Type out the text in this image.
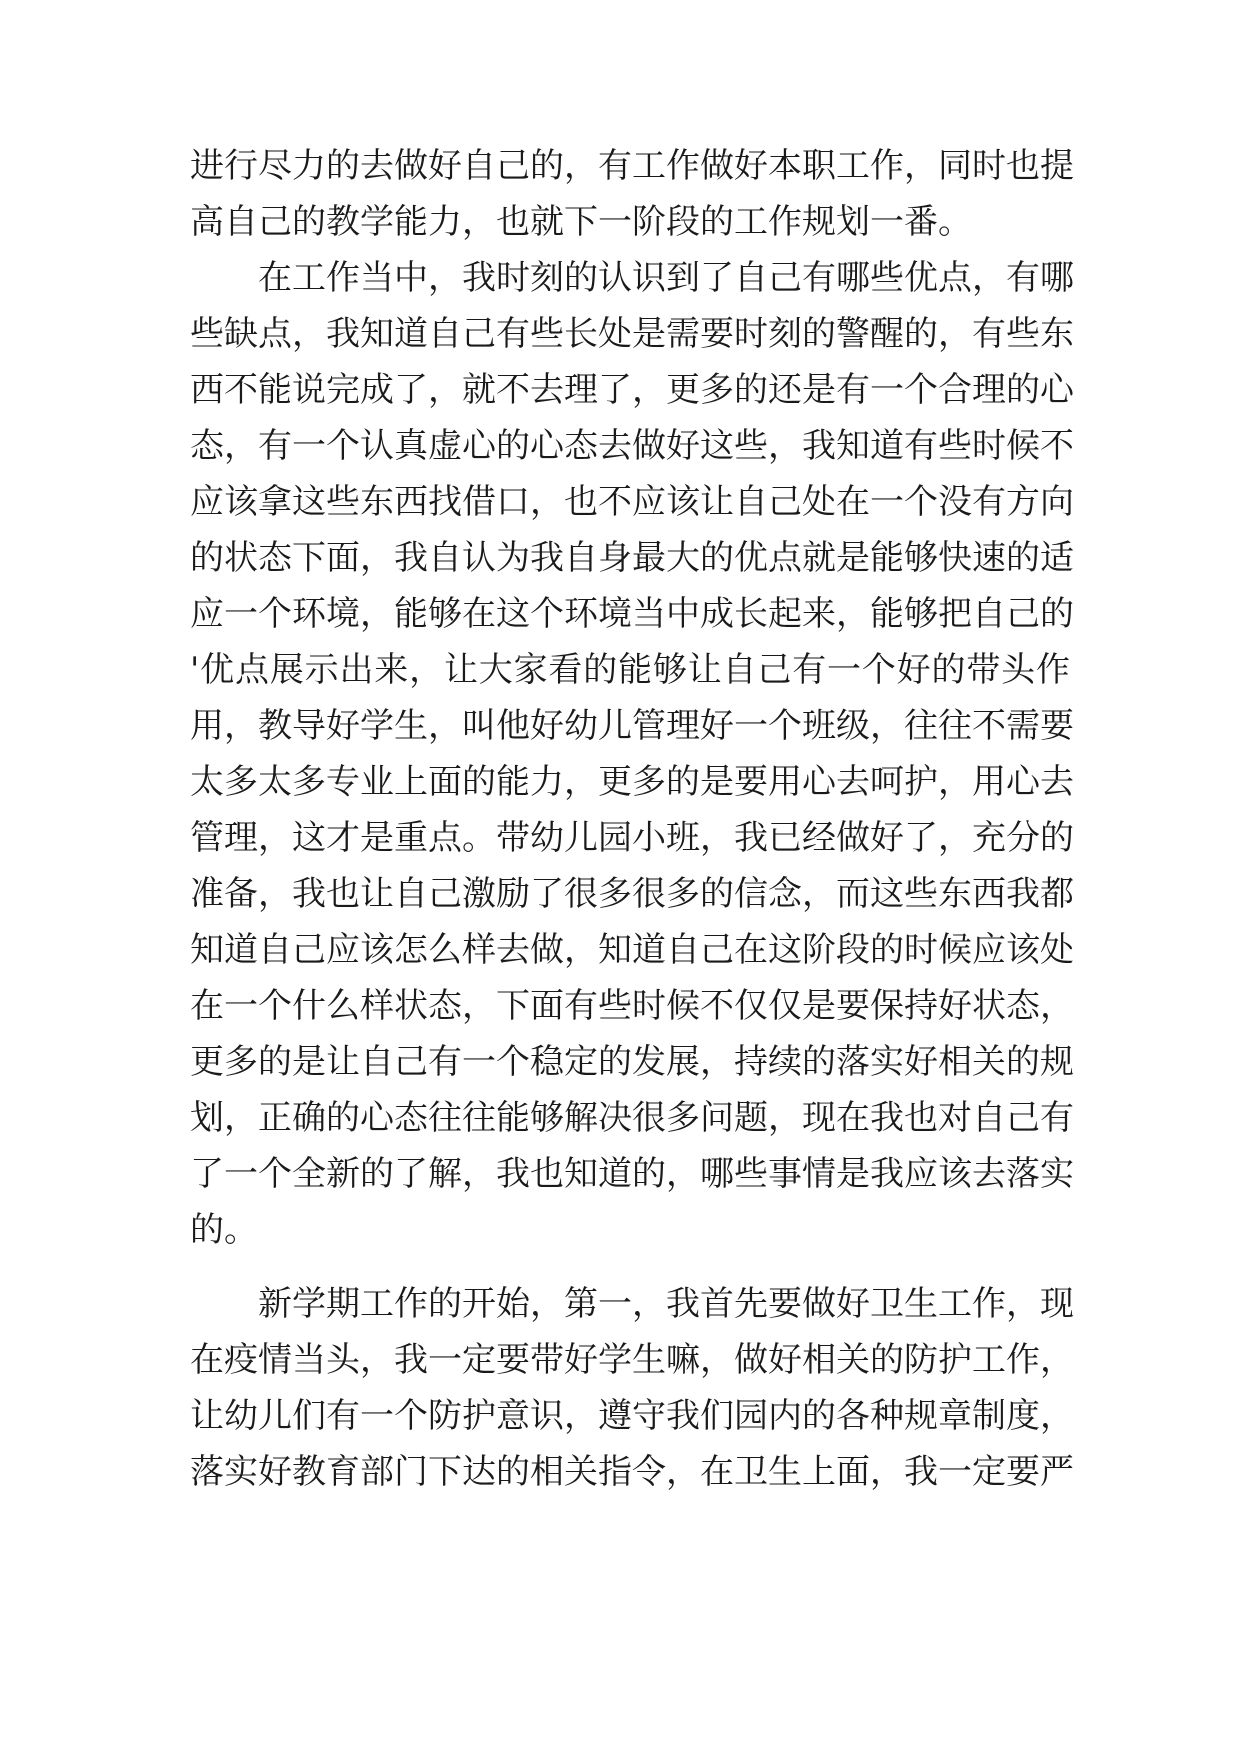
进行尽力的去做好自己的，有工作做好本职工作，同时也提
高自己的教学能力，也就下一阶段的工作规划一番。
在工作当中，我时刻的认识到了自己有哪些优点，有哪
些缺点，我知道自己有些长处是需要时刻的警醒的，有些东
西不能说完成了，就不去理了，更多的还是有一个合理的心
态，有一个认真虚心的心态去做好这些，我知道有些时候不
应该拿这些东西找借口，也不应该让自己处在一个没有方向
的状态下面，我自认为我自身最大的优点就是能够快速的适
应一个环境，能够在这个环境当中成长起来，能够把自己的
'优点展示出来，让大家看的能够让自己有一个好的带头作
用，教导好学生，叫他好幼儿管理好一个班级，往往不需要
太多太多专业上面的能力，更多的是要用心去呵护，用心去
管理，这才是重点。带幼儿园小班，我已经做好了，充分的
准备，我也让自己激励了很多很多的信念，而这些东西我都
知道自己应该怎么样去做，知道自己在这阶段的时候应该处
在一个什么样状态，下面有些时候不仅仅是要保持好状态，
更多的是让自己有一个稳定的发展，持续的落实好相关的规
划，正确的心态往往能够解决很多问题，现在我也对自己有
了一个全新的了解，我也知道的，哪些事情是我应该去落实
的。
新学期工作的开始，第一，我首先要做好卫生工作，现
在疫情当头，我一定要带好学生嘛，做好相关的防护工作，
让幼儿们有一个防护意识，遵守我们园内的各种规章制度，
落实好教育部门下达的相关指令，在卫生上面，我一定要严
